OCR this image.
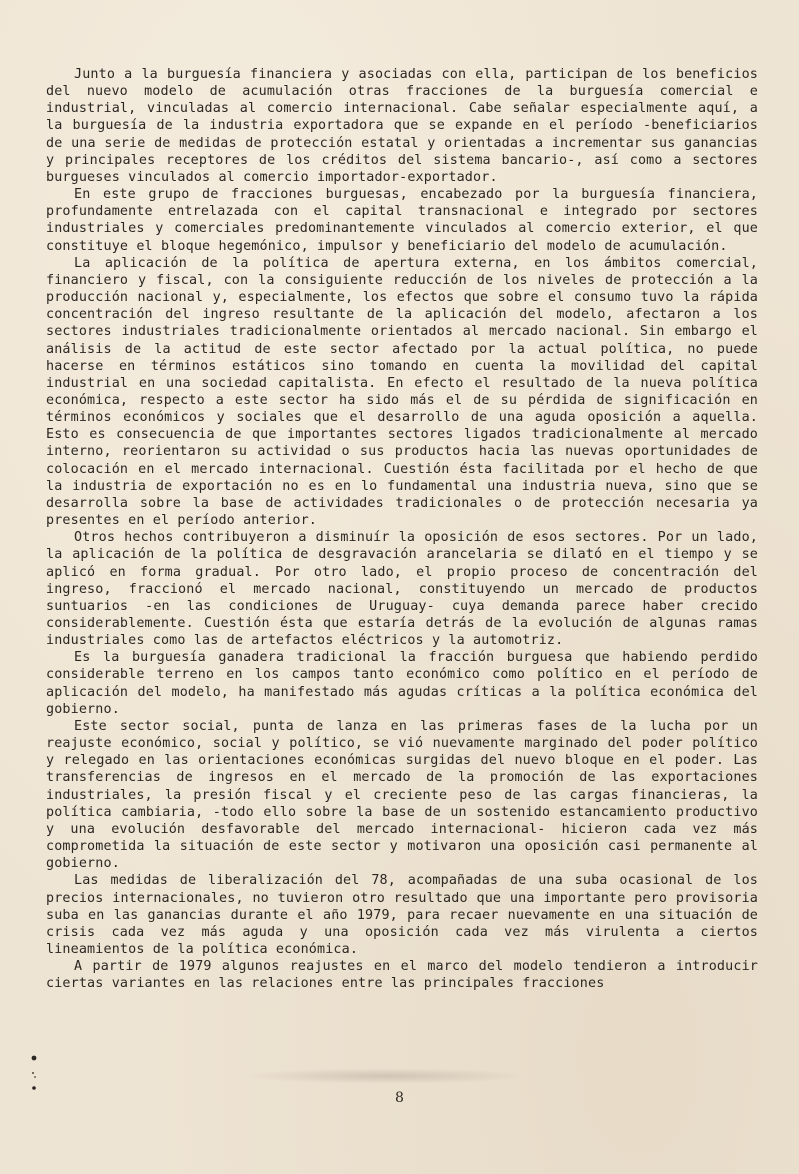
Junto a la burguesía financiera y asociadas con ella, participan de los beneficios del nuevo modelo de acumulación otras fracciones de la burguesía comercial e industrial, vinculadas al comercio internacional. Cabe señalar especialmente aquí, a la burguesía de la industria exportadora que se expande en el período -beneficiarios de una serie de medidas de protección estatal y orientadas a incrementar sus ganancias y principales receptores de los créditos del sistema bancario-, así como a sectores burgueses vinculados al comercio importador-exportador.

En este grupo de fracciones burguesas, encabezado por la burguesía financiera, profundamente entrelazada con el capital transnacional e integrado por sectores industriales y comerciales predominantemente vinculados al comercio exterior, el que constituye el bloque hegemónico, impulsor y beneficiario del modelo de acumulación.

La aplicación de la política de apertura externa, en los ámbitos comercial, financiero y fiscal, con la consiguiente reducción de los niveles de protección a la producción nacional y, especialmente, los efectos que sobre el consumo tuvo la rápida concentración del ingreso resultante de la aplicación del modelo, afectaron a los sectores industriales tradicionalmente orientados al mercado nacional. Sin embargo el análisis de la actitud de este sector afectado por la actual política, no puede hacerse en términos estáticos sino tomando en cuenta la movilidad del capital industrial en una sociedad capitalista. En efecto el resultado de la nueva política económica, respecto a este sector ha sido más el de su pérdida de significación en términos económicos y sociales que el desarrollo de una aguda oposición a aquella. Esto es consecuencia de que importantes sectores ligados tradicionalmente al mercado interno, reorientaron su actividad o sus productos hacia las nuevas oportunidades de colocación en el mercado internacional. Cuestión ésta facilitada por el hecho de que la industria de exportación no es en lo fundamental una industria nueva, sino que se desarrolla sobre la base de actividades tradicionales o de protección necesaria ya presentes en el período anterior.

Otros hechos contribuyeron a disminuír la oposición de esos sectores. Por un lado, la aplicación de la política de desgravación arancelaria se dilató en el tiempo y se aplicó en forma gradual. Por otro lado, el propio proceso de concentración del ingreso, fraccionó el mercado nacional, constituyendo un mercado de productos suntuarios -en las condiciones de Uruguay- cuya demanda parece haber crecido considerablemente. Cuestión ésta que estaría detrás de la evolución de algunas ramas industriales como las de artefactos eléctricos y la automotriz.

Es la burguesía ganadera tradicional la fracción burguesa que habiendo perdido considerable terreno en los campos tanto económico como político en el período de aplicación del modelo, ha manifestado más agudas críticas a la política económica del gobierno.

Este sector social, punta de lanza en las primeras fases de la lucha por un reajuste económico, social y político, se vió nuevamente marginado del poder político y relegado en las orientaciones económicas surgidas del nuevo bloque en el poder. Las transferencias de ingresos en el mercado de la promoción de las exportaciones industriales, la presión fiscal y el creciente peso de las cargas financieras, la política cambiaria, -todo ello sobre la base de un sostenido estancamiento productivo y una evolución desfavorable del mercado internacional- hicieron cada vez más comprometida la situación de este sector y motivaron una oposición casi permanente al gobierno.

Las medidas de liberalización del 78, acompañadas de una suba ocasional de los precios internacionales, no tuvieron otro resultado que una importante pero provisoria suba en las ganancias durante el año 1979, para recaer nuevamente en una situación de crisis cada vez más aguda y una oposición cada vez más virulenta a ciertos lineamientos de la política económica.

A partir de 1979 algunos reajustes en el marco del modelo tendieron a introducir ciertas variantes en las relaciones entre las principales fracciones

8
